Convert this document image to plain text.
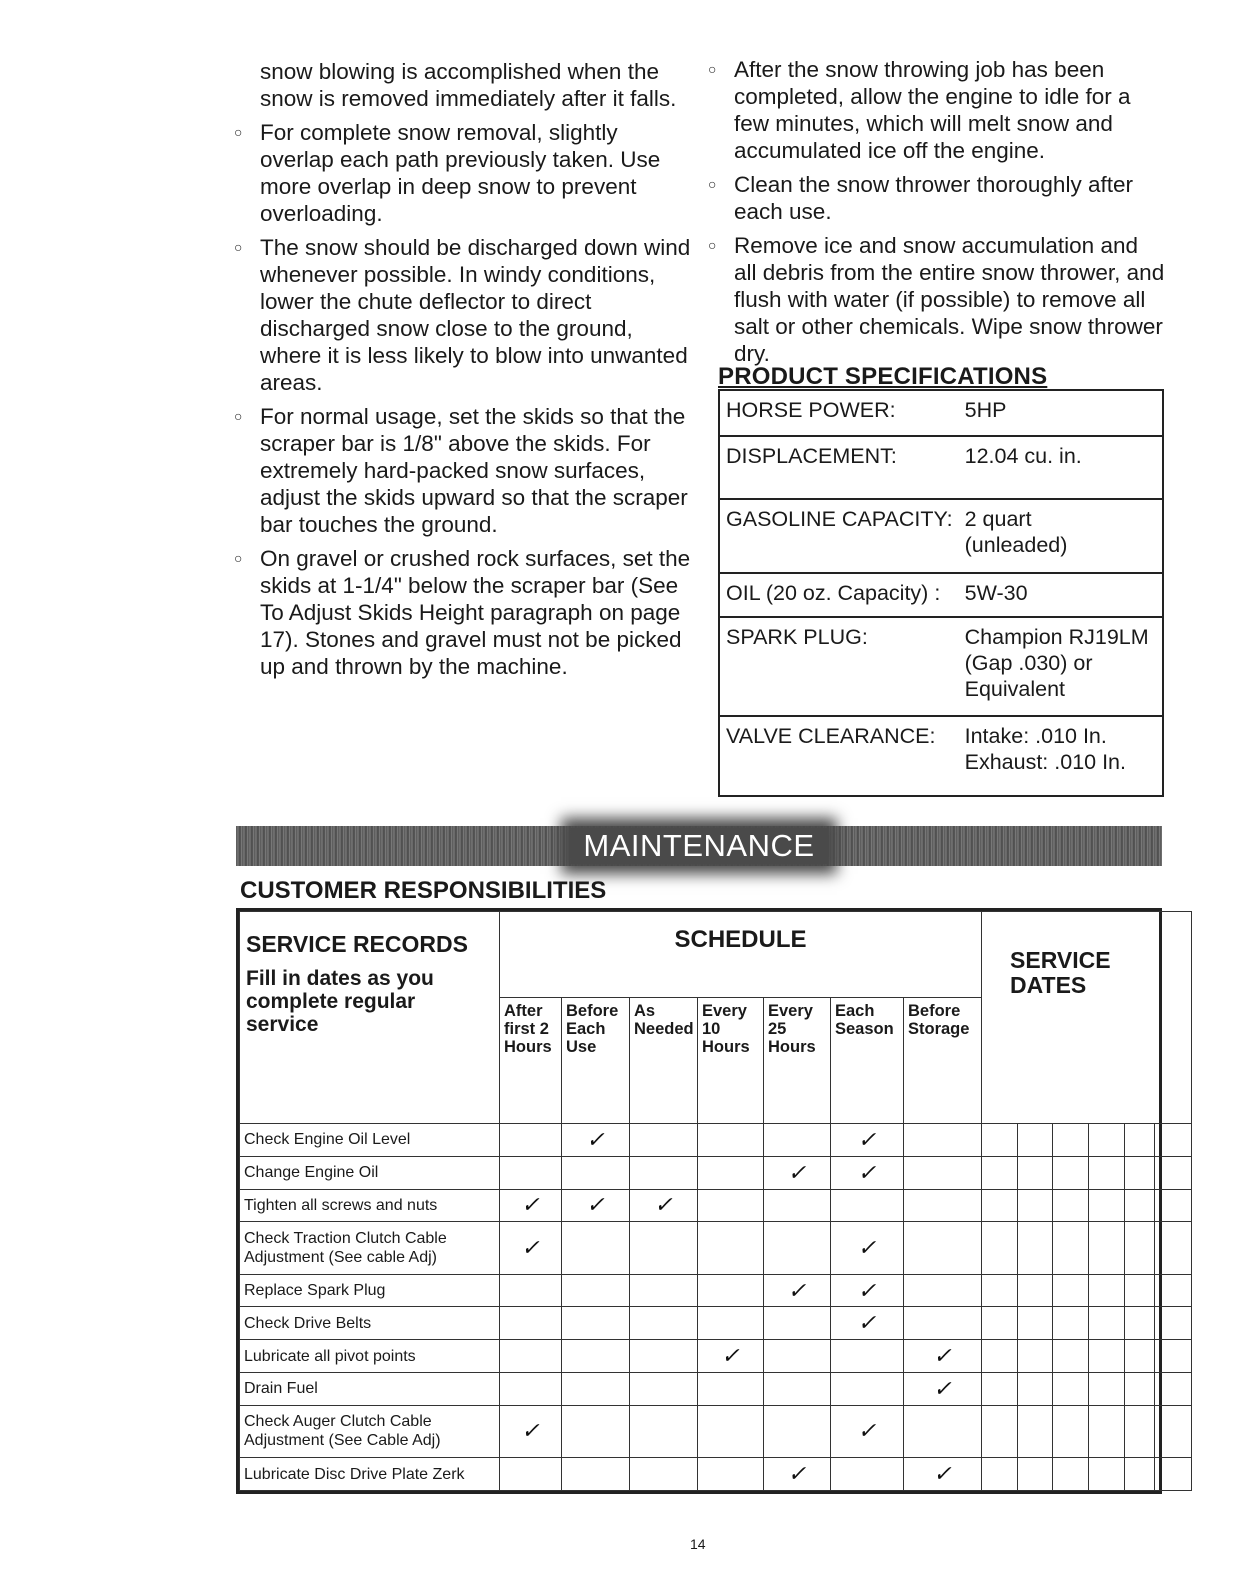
snow blowing is accomplished when the snow is removed immediately after it falls.
○
For complete snow removal, slightly overlap each path previously taken. Use more overlap in deep snow to prevent overloading.
○
The snow should be discharged down wind whenever possible. In windy conditions, lower the chute deflector to direct discharged snow close to the ground, where it is less likely to blow into unwanted areas.
○
For normal usage, set the skids so that the scraper bar is 1/8" above the skids. For extremely hard-packed snow surfaces, adjust the skids upward so that the scraper bar touches the ground.
○
On gravel or crushed rock surfaces, set the skids at 1-1/4" below the scraper bar (See To Adjust Skids Height paragraph on page 17). Stones and gravel must not be picked up and thrown by the machine.
○
After the snow throwing job has been completed, allow the engine to idle for a few minutes, which will melt snow and accumulated ice off the engine.
○
Clean the snow thrower thoroughly after each use.
○
Remove ice and snow accumulation and all debris from the entire snow thrower, and flush with water (if possible) to remove all salt or other chemicals. Wipe snow thrower dry.
PRODUCT SPECIFICATIONS
HORSE POWER:	5HP

DISPLACEMENT:	12.04 cu. in.

GASOLINE CAPACITY:	2 quart
(unleaded)

OIL (20 oz. Capacity) :	5W-30

SPARK PLUG:	Champion RJ19LM
(Gap .030) or Equivalent

VALVE CLEARANCE:	Intake: .010 In.
Exhaust: .010 In.
MAINTENANCE
CUSTOMER RESPONSIBILITIES
SERVICE RECORDS
Fill in dates as you complete regular service	SCHEDULE							SERVICE DATES					

	After first 2 Hours	Before Each Use	As Needed	Every 10 Hours	Every 25 Hours	Each Season	Before Storage						

Check Engine Oil Level		✓				✓							
Change Engine Oil					✓	✓							
Tighten all screws and nuts	✓	✓	✓										
Check Traction Clutch Cable Adjustment (See cable Adj)	✓					✓							
Replace Spark Plug					✓	✓							
Check Drive Belts						✓							
Lubricate all pivot points				✓			✓						
Drain Fuel							✓						
Check Auger Clutch Cable Adjustment (See Cable Adj)	✓					✓							
Lubricate Disc Drive Plate Zerk					✓		✓						
14
